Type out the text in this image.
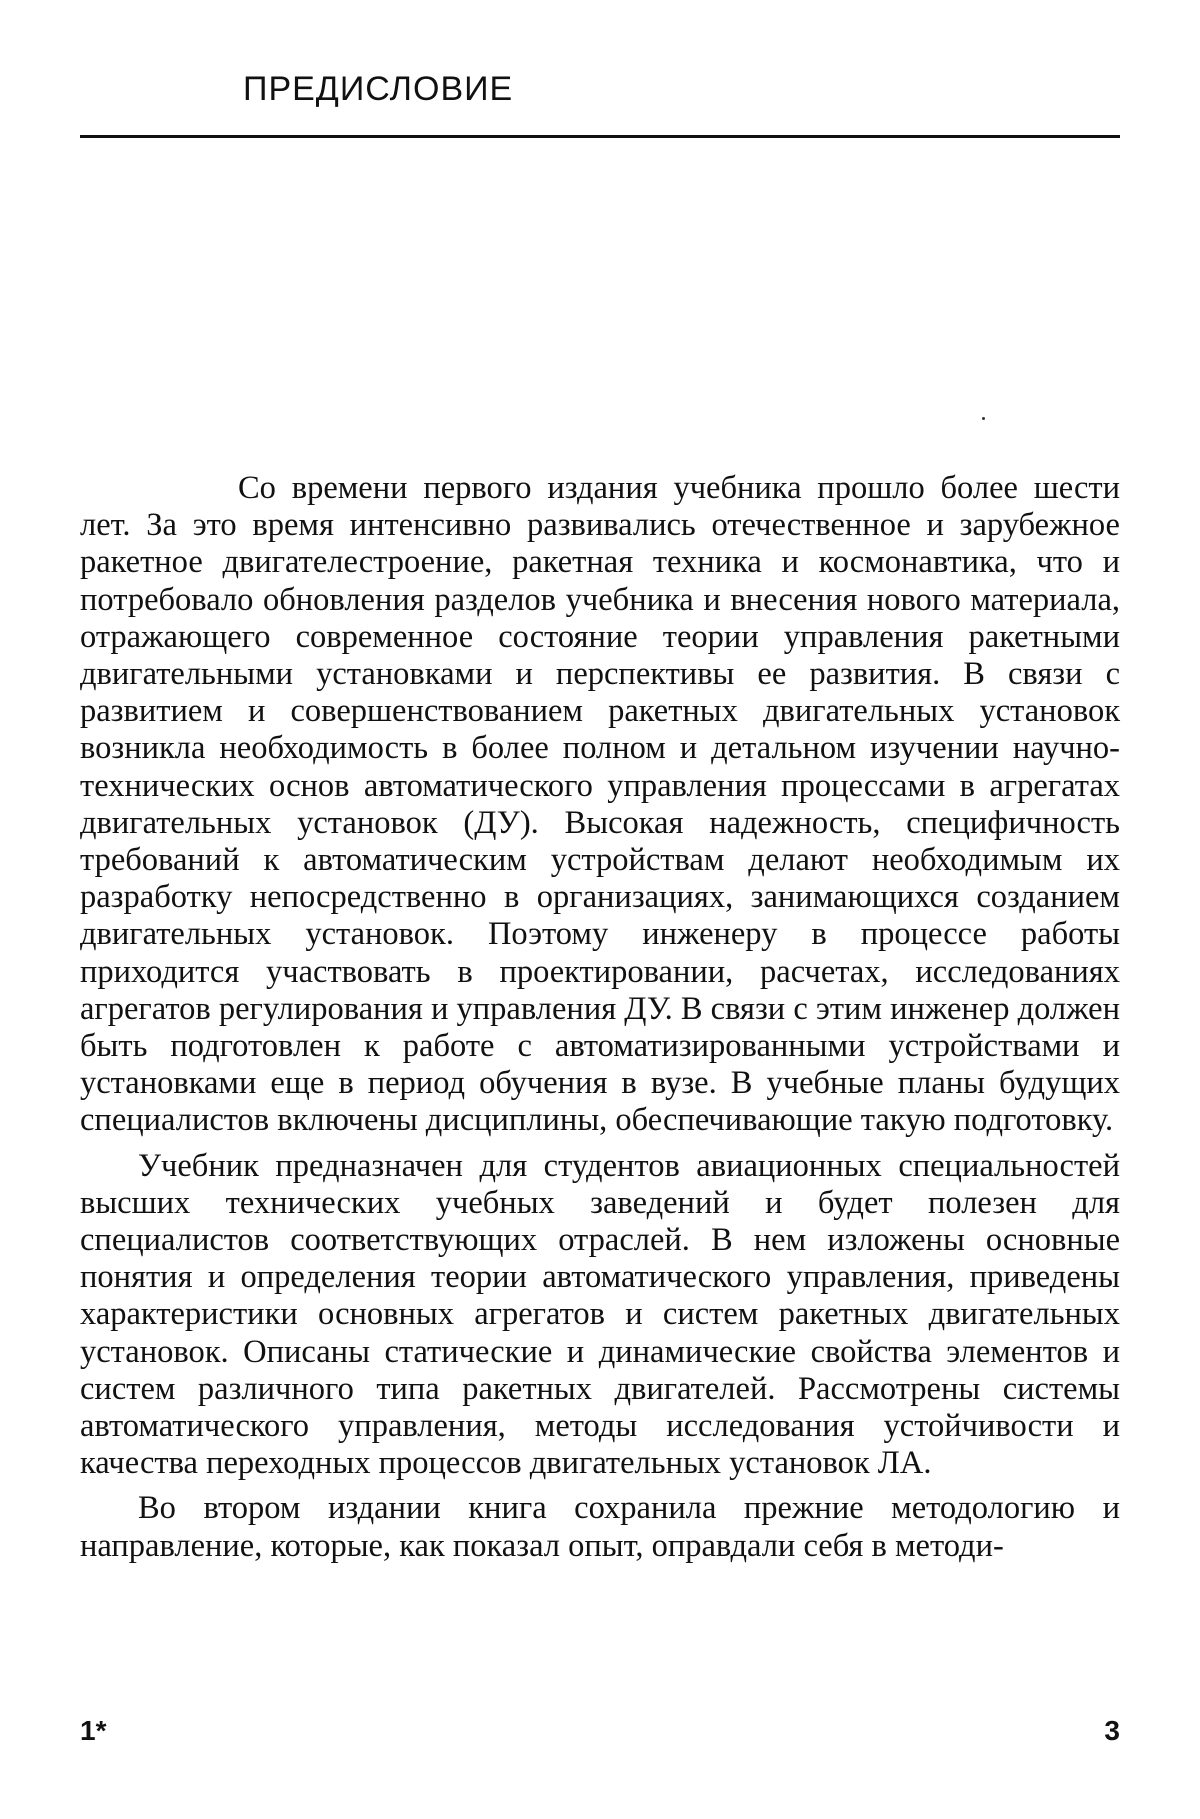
ПРЕДИСЛОВИЕ

Со времени первого издания учебника прошло более шести лет. За это время интенсивно развивались отечественное и зарубежное ракетное двигателестроение, ракетная техника и космонавтика, что и потребовало обновления разделов учебника и внесения нового материала, отражающего современное состояние теории управления ракетными двигательными установками и перспективы ее развития. В связи с развитием и совершенствованием ракетных двигательных установок возникла необходимость в более полном и детальном изучении научно-технических основ автоматического управления процессами в агрегатах двигательных установок (ДУ). Высокая надежность, специфичность требований к автоматическим устройствам делают необходимым их разработку непосредственно в организациях, занимающихся созданием двигательных установок. Поэтому инженеру в процессе работы приходится участвовать в проектировании, расчетах, исследованиях агрегатов регулирования и управления ДУ. В связи с этим инженер должен быть подготовлен к работе с автоматизированными устройствами и установками еще в период обучения в вузе. В учебные планы будущих специалистов включены дисциплины, обеспечивающие такую подготовку.

Учебник предназначен для студентов авиационных специальностей высших технических учебных заведений и будет полезен для специалистов соответствующих отраслей. В нем изложены основные понятия и определения теории автоматического управления, приведены характеристики основных агрегатов и систем ракетных двигательных установок. Описаны статические и динамические свойства элементов и систем различного типа ракетных двигателей. Рассмотрены системы автоматического управления, методы исследования устойчивости и качества переходных процессов двигательных установок ЛА.

Во втором издании книга сохранила прежние методологию и направление, которые, как показал опыт, оправдали себя в методи-

1*	3
